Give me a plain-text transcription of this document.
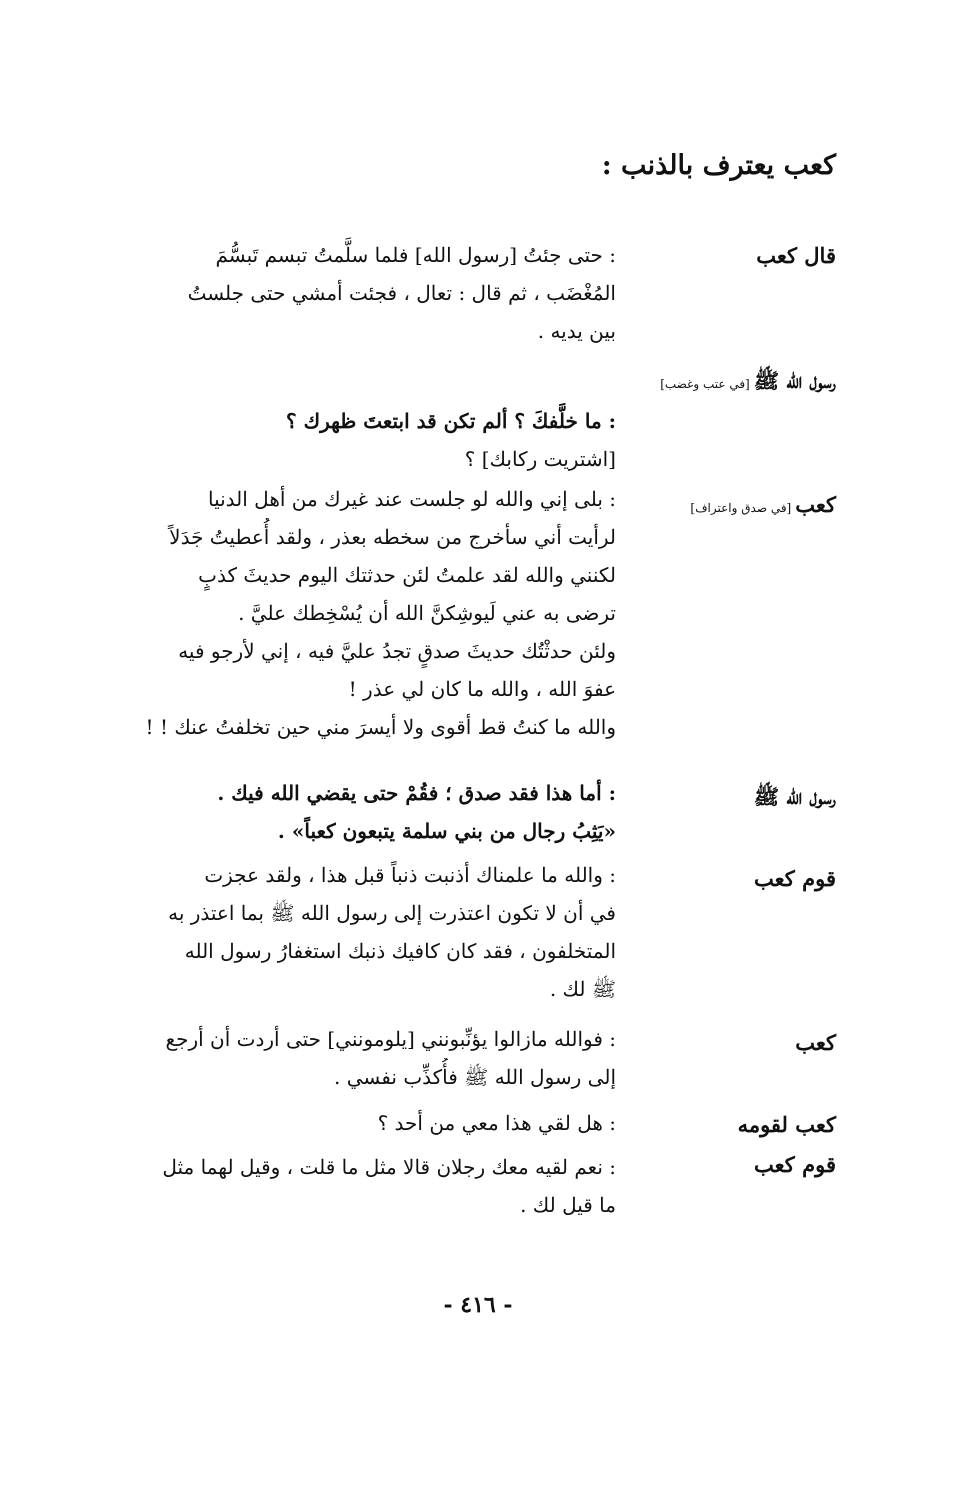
كعب يعترف بالذنب :
قال كعب
: حتى جئتُ [رسول الله] فلما سلَّمتُ تبسم تَبسُّمَ
المُغْضَب ، ثم قال : تعال ، فجئت أمشي حتى جلستُ
بين يديه .
رسول الله ﷺ[في عتب وغضب]
: ما خلَّفكَ ؟ ألم تكن قد ابتعتَ ظهرك ؟
[اشتريت ركابك] ؟
كعب[في صدق واعتراف]
: بلى إني والله لو جلست عند غيرك من أهل الدنيا
لرأيت أني سأخرج من سخطه بعذر ، ولقد أُعطيتُ جَدَلاً
لكنني والله لقد علمتُ لئن حدثتك اليوم حديثَ كذبٍ
ترضى به عني لَيوشِكنَّ الله أن يُسْخِطك عليَّ .
ولئن حدثْتُك حديثَ صدقٍ تجدُ عليَّ فيه ، إني لأرجو فيه
عفوَ الله ، والله ما كان لي عذر !
والله ما كنتُ قط أقوى ولا أيسرَ مني حين تخلفتُ عنك ! !
رسول الله ﷺ
: أما هذا فقد صدق ؛ فقُمْ حتى يقضي الله فيك .
«يَثِبُ رجال من بني سلمة يتبعون كعباً» .
قوم كعب
: والله ما علمناك أذنبت ذنباً قبل هذا ، ولقد عجزت
في أن لا تكون اعتذرت إلى رسول الله ﷺ بما اعتذر به
المتخلفون ، فقد كان كافيك ذنبك استغفارُ رسول الله
ﷺ لك .
كعب
: فوالله مازالوا يؤنِّبونني [يلومونني] حتى أردت أن أرجع
إلى رسول الله ﷺ فأُكذِّب نفسي .
كعب لقومه
: هل لقي هذا معي من أحد ؟
قوم كعب
: نعم لقيه معك رجلان قالا مثل ما قلت ، وقيل لهما مثل
ما قيل لك .
- ٤١٦ -
